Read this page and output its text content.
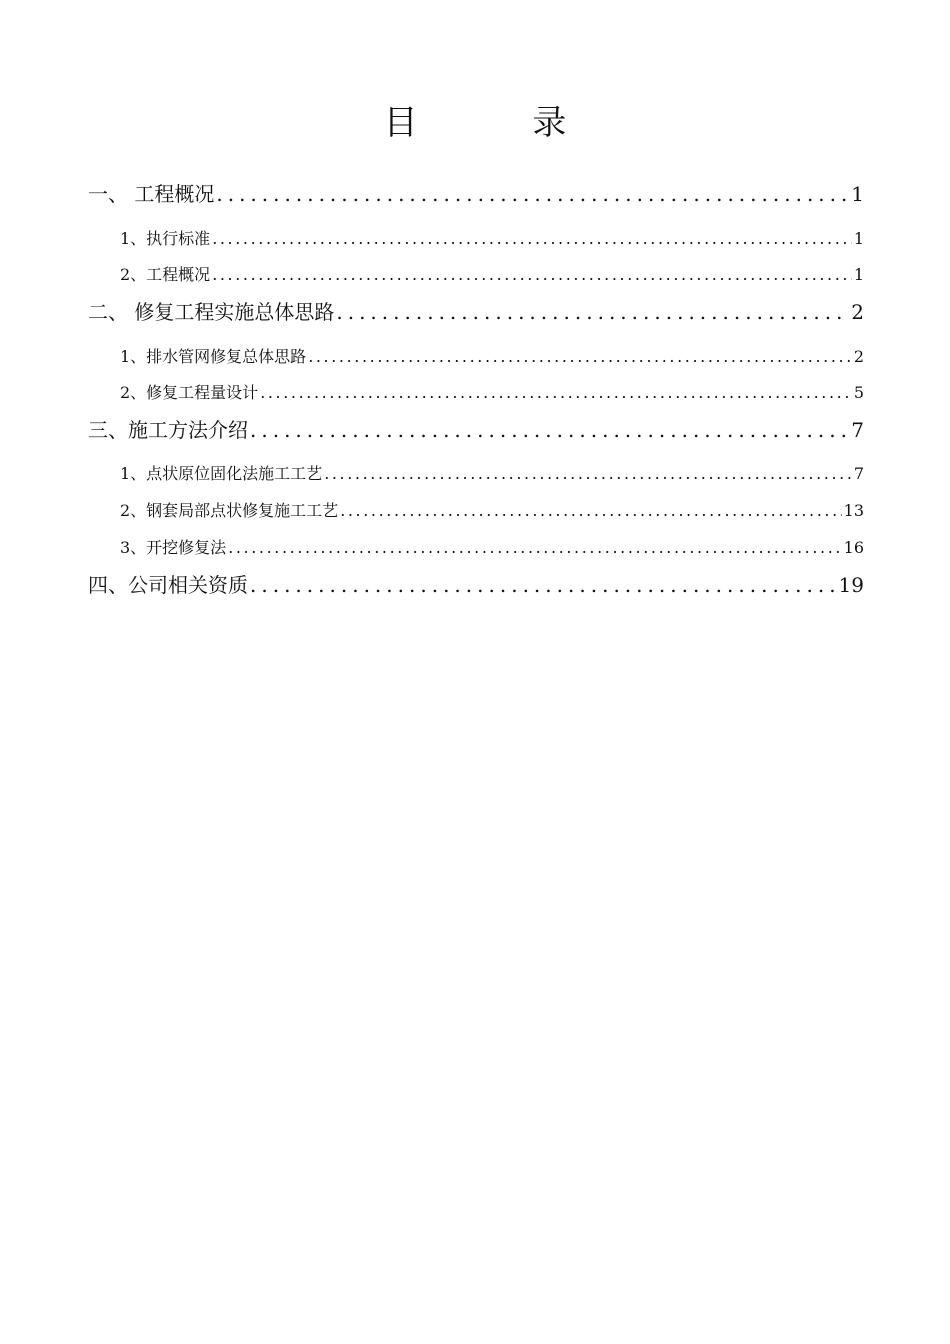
目 录
一、 工程概况 .....	1
1、执行标准 .....	1
2、工程概况 .....	1
二、 修复工程实施总体思路 .....	2
1、排水管网修复总体思路 .....	2
2、修复工程量设计 .....	5
三、施工方法介绍 .....	7
1、点状原位固化法施工工艺 .....	7
2、钢套局部点状修复施工工艺 .....	13
3、开挖修复法 .....	16
四、公司相关资质 .....	19
